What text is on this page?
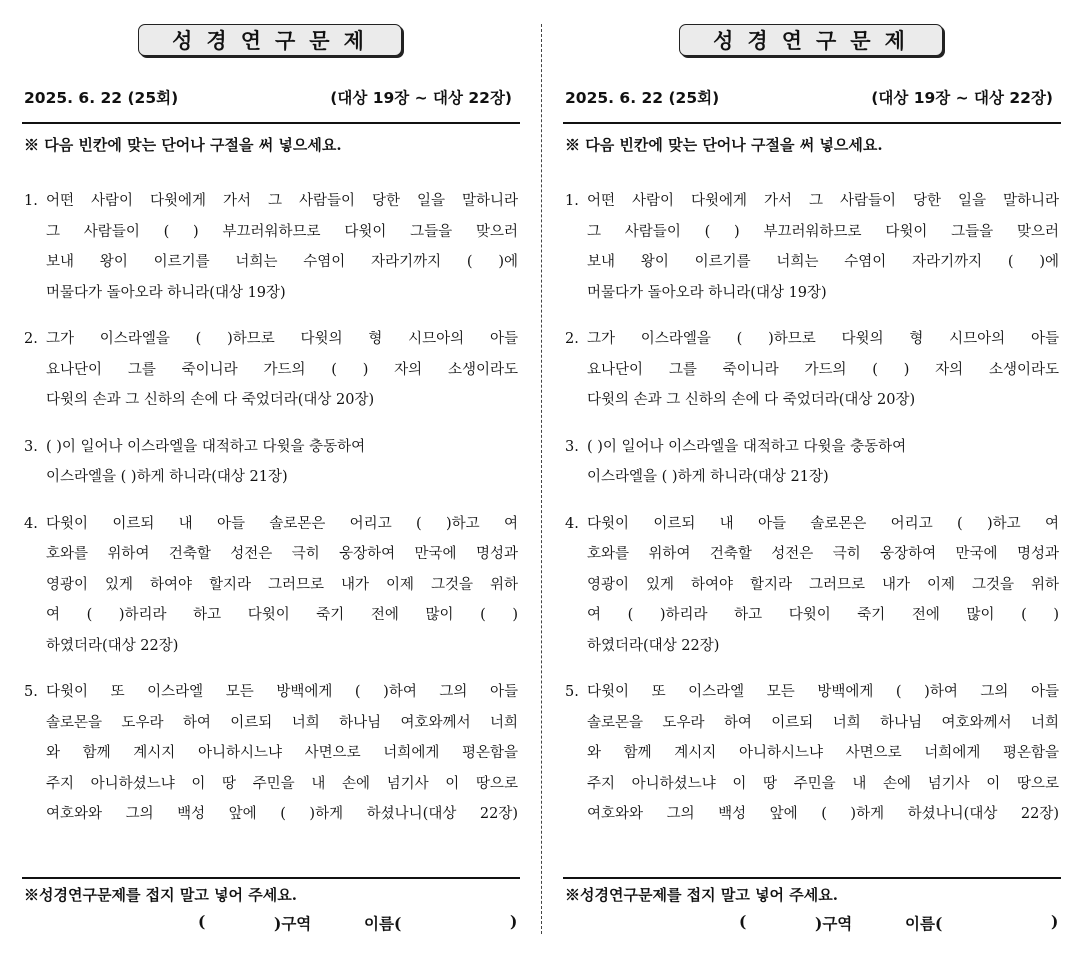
성경연구문제
2025. 6. 22 (25회)	(대상 19장 ~ 대상 22장)
※ 다음 빈칸에 맞는 단어나 구절을 써 넣으세요.
1. 어떤 사람이 다윗에게 가서 그 사람들이 당한 일을 말하니라
그 사람들이 ( ) 부끄러워하므로 다윗이 그들을 맞으러
보내 왕이 이르기를 너희는 수염이 자라기까지 ( )에
머물다가 돌아오라 하니라(대상 19장)
2. 그가 이스라엘을 ( )하므로 다윗의 형 시므아의 아들
요나단이 그를 죽이니라 가드의 ( ) 자의 소생이라도
다윗의 손과 그 신하의 손에 다 죽었더라(대상 20장)
3. ( )이 일어나 이스라엘을 대적하고 다윗을 충동하여
이스라엘을 ( )하게 하니라(대상 21장)
4. 다윗이 이르되 내 아들 솔로몬은 어리고 ( )하고 여
호와를 위하여 건축할 성전은 극히 웅장하여 만국에 명성과
영광이 있게 하여야 할지라 그러므로 내가 이제 그것을 위하
여 ( )하리라 하고 다윗이 죽기 전에 많이 ( )
하였더라(대상 22장)
5. 다윗이 또 이스라엘 모든 방백에게 ( )하여 그의 아들
솔로몬을 도우라 하여 이르되 너희 하나님 여호와께서 너희
와 함께 계시지 아니하시느냐 사면으로 너희에게 평온함을
주지 아니하셨느냐 이 땅 주민을 내 손에 넘기사 이 땅으로
여호와와 그의 백성 앞에 ( )하게 하셨나니(대상 22장)
※성경연구문제를 접지 말고 넣어 주세요.
(	)구역	이름(	)
성경연구문제
2025. 6. 22 (25회)	(대상 19장 ~ 대상 22장)
※ 다음 빈칸에 맞는 단어나 구절을 써 넣으세요.
1. 어떤 사람이 다윗에게 가서 그 사람들이 당한 일을 말하니라
그 사람들이 ( ) 부끄러워하므로 다윗이 그들을 맞으러
보내 왕이 이르기를 너희는 수염이 자라기까지 ( )에
머물다가 돌아오라 하니라(대상 19장)
2. 그가 이스라엘을 ( )하므로 다윗의 형 시므아의 아들
요나단이 그를 죽이니라 가드의 ( ) 자의 소생이라도
다윗의 손과 그 신하의 손에 다 죽었더라(대상 20장)
3. ( )이 일어나 이스라엘을 대적하고 다윗을 충동하여
이스라엘을 ( )하게 하니라(대상 21장)
4. 다윗이 이르되 내 아들 솔로몬은 어리고 ( )하고 여
호와를 위하여 건축할 성전은 극히 웅장하여 만국에 명성과
영광이 있게 하여야 할지라 그러므로 내가 이제 그것을 위하
여 ( )하리라 하고 다윗이 죽기 전에 많이 ( )
하였더라(대상 22장)
5. 다윗이 또 이스라엘 모든 방백에게 ( )하여 그의 아들
솔로몬을 도우라 하여 이르되 너희 하나님 여호와께서 너희
와 함께 계시지 아니하시느냐 사면으로 너희에게 평온함을
주지 아니하셨느냐 이 땅 주민을 내 손에 넘기사 이 땅으로
여호와와 그의 백성 앞에 ( )하게 하셨나니(대상 22장)
※성경연구문제를 접지 말고 넣어 주세요.
(	)구역	이름(	)
